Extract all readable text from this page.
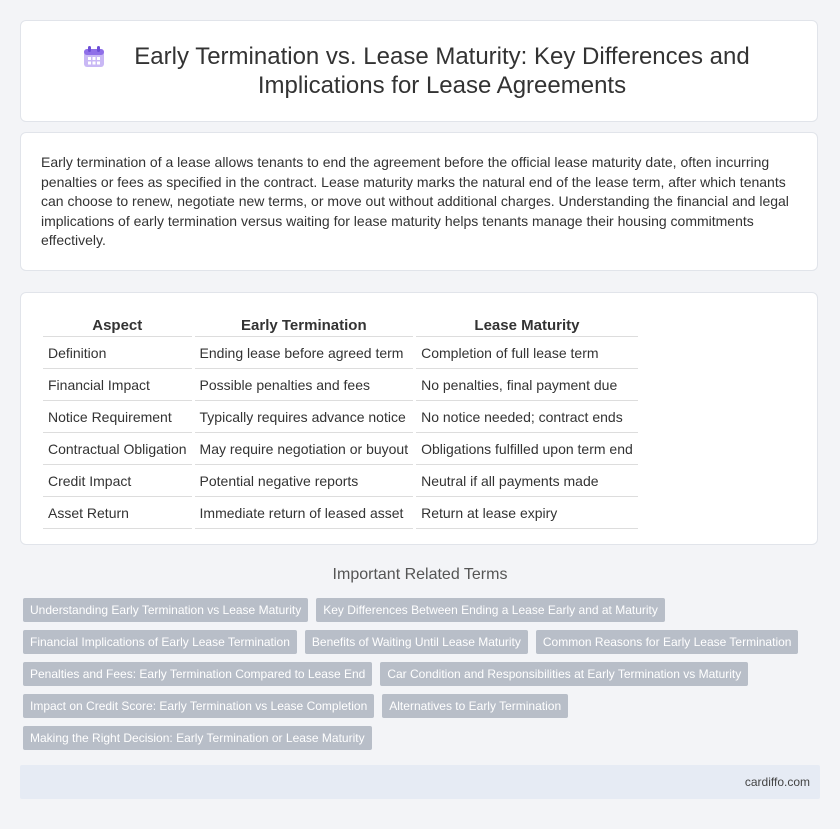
Early Termination vs. Lease Maturity: Key Differences and Implications for Lease Agreements

Early termination of a lease allows tenants to end the agreement before the official lease maturity date, often incurring penalties or fees as specified in the contract. Lease maturity marks the natural end of the lease term, after which tenants can choose to renew, negotiate new terms, or move out without additional charges. Understanding the financial and legal implications of early termination versus waiting for lease maturity helps tenants manage their housing commitments effectively.

Aspect	Early Termination	Lease Maturity
Definition	Ending lease before agreed term	Completion of full lease term
Financial Impact	Possible penalties and fees	No penalties, final payment due
Notice Requirement	Typically requires advance notice	No notice needed; contract ends
Contractual Obligation	May require negotiation or buyout	Obligations fulfilled upon term end
Credit Impact	Potential negative reports	Neutral if all payments made
Asset Return	Immediate return of leased asset	Return at lease expiry
Important Related Terms
Understanding Early Termination vs Lease Maturity	Key Differences Between Ending a Lease Early and at Maturity
Financial Implications of Early Lease Termination	Benefits of Waiting Until Lease Maturity	Common Reasons for Early Lease Termination
Penalties and Fees: Early Termination Compared to Lease End	Car Condition and Responsibilities at Early Termination vs Maturity
Impact on Credit Score: Early Termination vs Lease Completion	Alternatives to Early Termination
Making the Right Decision: Early Termination or Lease Maturity
cardiffo.com
